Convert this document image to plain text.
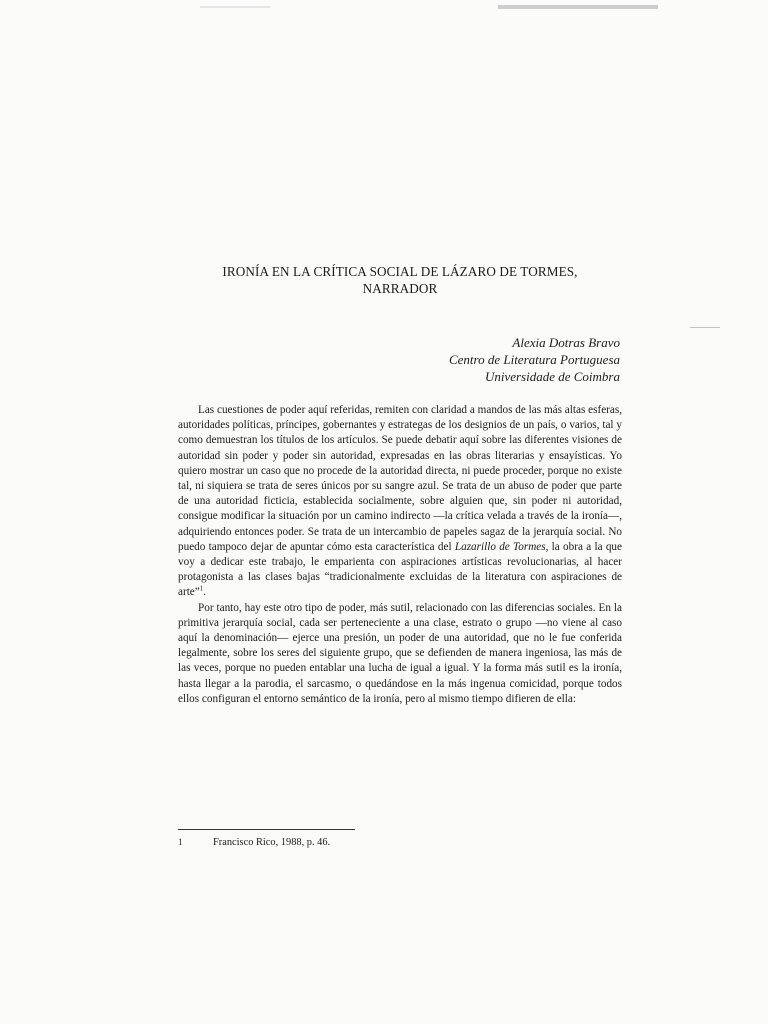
IRONÍA EN LA CRÍTICA SOCIAL DE LÁZARO DE TORMES,
NARRADOR
Alexia Dotras Bravo
Centro de Literatura Portuguesa
Universidade de Coimbra

Las cuestiones de poder aquí referidas, remiten con claridad a mandos de las más altas esferas, autoridades políticas, príncipes, gobernantes y estrategas de los designios de un país, o varios, tal y como demuestran los títulos de los artículos. Se puede debatir aquí sobre las diferentes visiones de autoridad sin poder y poder sin autoridad, expresadas en las obras literarias y ensayísticas. Yo quiero mostrar un caso que no procede de la autoridad directa, ni puede proceder, porque no existe tal, ni siquiera se trata de seres únicos por su sangre azul. Se trata de un abuso de poder que parte de una autoridad ficticia, establecida socialmente, sobre alguien que, sin poder ni autoridad, consigue modificar la situación por un camino indirecto —la crítica velada a través de la ironía—, adquiriendo entonces poder. Se trata de un intercambio de papeles sagaz de la jerarquía social. No puedo tampoco dejar de apuntar cómo esta característica del Lazarillo de Tormes, la obra a la que voy a dedicar este trabajo, le emparienta con aspiraciones artísticas revolucionarias, al hacer protagonista a las clases bajas “tradicionalmente excluidas de la literatura con aspiraciones de arte”$^1$.

Por tanto, hay este otro tipo de poder, más sutil, relacionado con las diferencias sociales. En la primitiva jerarquía social, cada ser perteneciente a una clase, estrato o grupo —no viene al caso aquí la denominación— ejerce una presión, un poder de una autoridad, que no le fue conferida legalmente, sobre los seres del siguiente grupo, que se defienden de manera ingeniosa, las más de las veces, porque no pueden entablar una lucha de igual a igual. Y la forma más sutil es la ironía, hasta llegar a la parodia, el sarcasmo, o quedándose en la más ingenua comicidad, porque todos ellos configuran el entorno semántico de la ironía, pero al mismo tiempo difieren de ella:

1	Francisco Rico, 1988, p. 46.
